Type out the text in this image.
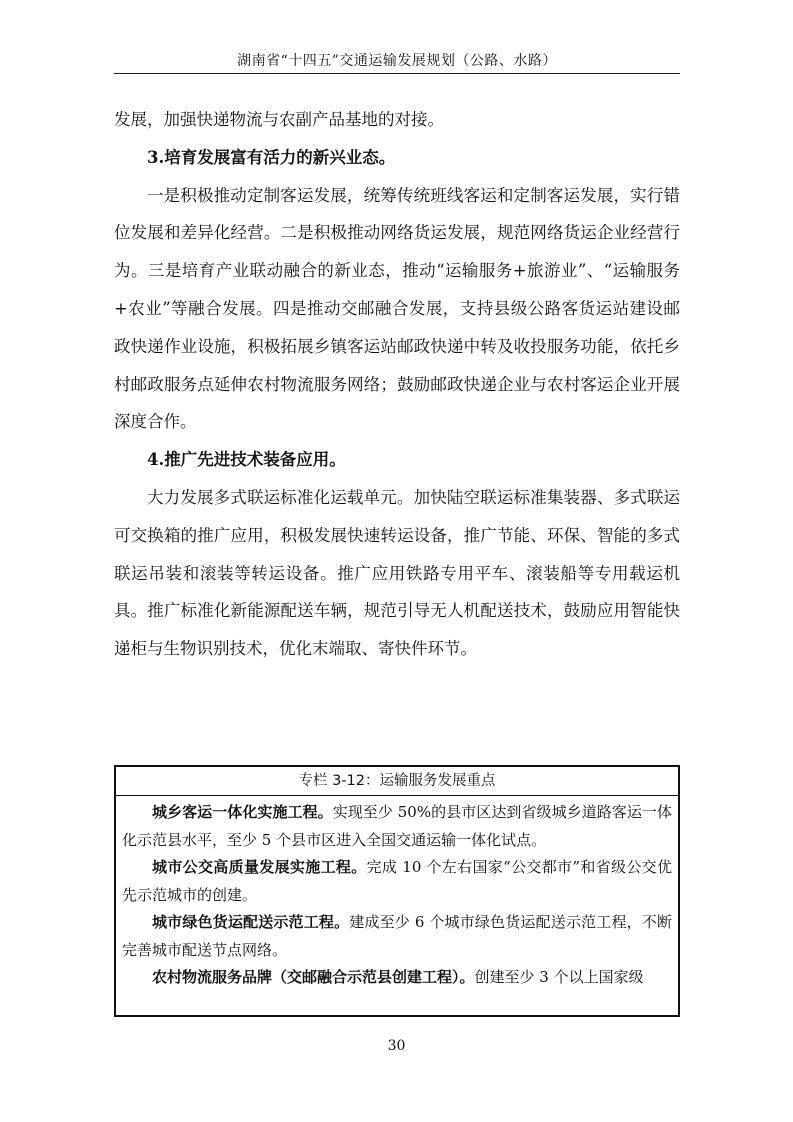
湖南省“十四五”交通运输发展规划（公路、水路）

发展，加强快递物流与农副产品基地的对接。

3.培育发展富有活力的新兴业态。

一是积极推动定制客运发展，统筹传统班线客运和定制客运发展，实行错位发展和差异化经营。二是积极推动网络货运发展，规范网络货运企业经营行为。三是培育产业联动融合的新业态，推动“运输服务+旅游业”、“运输服务+农业”等融合发展。四是推动交邮融合发展，支持县级公路客货运站建设邮政快递作业设施，积极拓展乡镇客运站邮政快递中转及收投服务功能，依托乡村邮政服务点延伸农村物流服务网络；鼓励邮政快递企业与农村客运企业开展深度合作。

4.推广先进技术装备应用。

大力发展多式联运标准化运载单元。加快陆空联运标准集装器、多式联运可交换箱的推广应用，积极发展快速转运设备，推广节能、环保、智能的多式联运吊装和滚装等转运设备。推广应用铁路专用平车、滚装船等专用载运机具。推广标准化新能源配送车辆，规范引导无人机配送技术，鼓励应用智能快递柜与生物识别技术，优化末端取、寄快件环节。

专栏 3-12：运输服务发展重点

城乡客运一体化实施工程。实现至少 50%的县市区达到省级城乡道路客运一体化示范县水平，至少 5 个县市区进入全国交通运输一体化试点。

城市公交高质量发展实施工程。完成 10 个左右国家“公交都市”和省级公交优先示范城市的创建。

城市绿色货运配送示范工程。建成至少 6 个城市绿色货运配送示范工程，不断完善城市配送节点网络。

农村物流服务品牌（交邮融合示范县创建工程）。创建至少 3 个以上国家级

30
